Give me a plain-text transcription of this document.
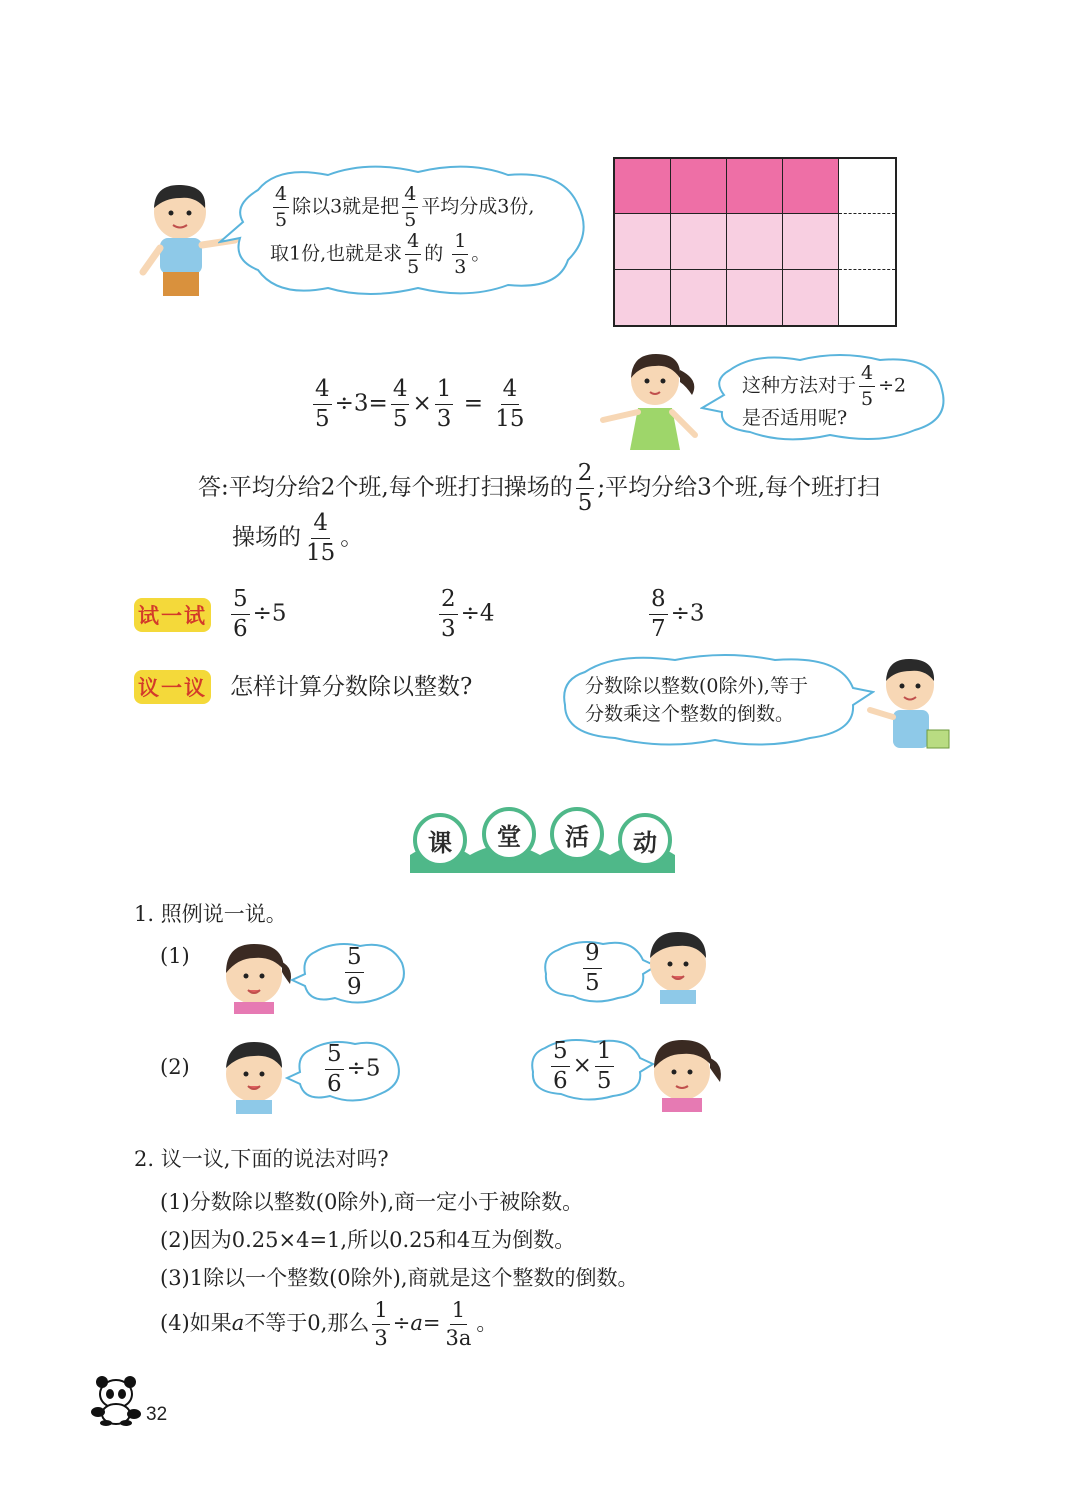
$\frac{4}{5}$ 除以3就是把 $\frac{4}{5}$ 平均分成3份,
取1份,也就是求 $\frac{4}{5}$ 的 $\frac{1}{3}$ 。
$\frac{4}{5} \div 3= \frac{4}{5} \times \frac{1}{3} = \frac{4}{15}$	这种方法对于 $\frac{4}{5} \div 2$
是否适用呢?
答:平均分给2个班,每个班打扫操场的 $\frac{2}{5}$ ;平均分给3个班,每个班打扫
操场的 $\frac{4}{15}$ 。
试一试 $\frac{5}{6} \div 5$	$\frac{2}{3} \div 4$	$\frac{8}{7} \div 3$
议一议 怎样计算分数除以整数?	分数除以整数(0除外),等于
分数乘这个整数的倒数。
课	堂	活	动
1. 照例说一说。
(1)	$\frac{5}{9}$	$\frac{9}{5}$
(2)	$\frac{5}{6} \div 5$	$\frac{5}{6} \times \frac{1}{5}$
2. 议一议,下面的说法对吗?
(1)分数除以整数(0除外),商一定小于被除数。
(2)因为0.25×4=1,所以0.25和4互为倒数。
(3)1除以一个整数(0除外),商就是这个整数的倒数。
(4)如果a不等于0,那么 $\frac{1}{3} \div a= \frac{1}{3a}$ 。
32
